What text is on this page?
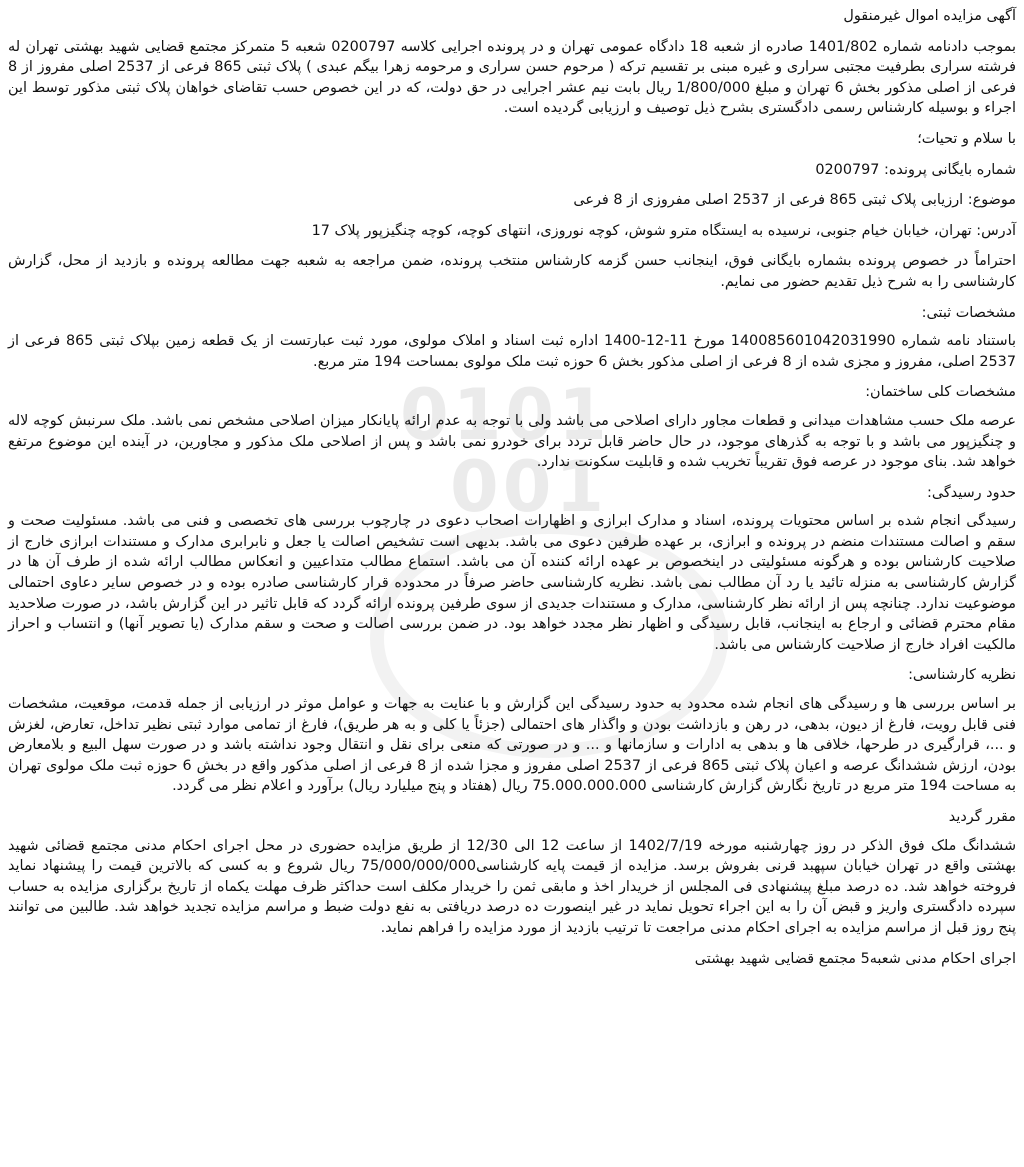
0101
001
آگهی مزایده اموال غیرمنقول

بموجب دادنامه شماره 1401/802 صادره از شعبه 18 دادگاه عمومی تهران و در پرونده اجرایی کلاسه 0200797 شعبه 5 متمرکز مجتمع قضایی شهید بهشتی تهران له فرشته سراری بطرفیت مجتبی سراری و غیره مبنی بر تقسیم ترکه ( مرحوم حسن سراری و مرحومه زهرا بیگم عبدی ) پلاک ثبتی 865 فرعی از 2537 اصلی مفروز از 8 فرعی از اصلی مذکور بخش 6 تهران و مبلغ 1/800/000 ریال بابت نیم عشر اجرایی در حق دولت، که در این خصوص حسب تقاضای خواهان پلاک ثبتی مذکور توسط این اجراء و بوسیله کارشناس رسمی دادگستری بشرح ذیل توصیف و ارزیابی گردیده است.

با سلام و تحیات؛

شماره بایگانی پرونده: 0200797

موضوع: ارزیابی پلاک ثبتی 865 فرعی از 2537 اصلی مفروزی از 8 فرعی

آدرس: تهران، خیابان خیام جنوبی، نرسیده به ایستگاه مترو شوش، کوچه نوروزی، انتهای کوچه، کوچه چنگیزپور پلاک 17

احتراماً در خصوص پرونده بشماره بایگانی فوق، اینجانب حسن گزمه کارشناس منتخب پرونده، ضمن مراجعه به شعبه جهت مطالعه پرونده و بازدید از محل، گزارش کارشناسی را به شرح ذیل تقدیم حضور می نمایم.

مشخصات ثبتی:

باستناد نامه شماره 140085601042031990 مورخ 11-12-1400 اداره ثبت اسناد و املاک مولوی، مورد ثبت عبارتست از یک قطعه زمین بپلاک ثبتی 865 فرعی از 2537 اصلی، مفروز و مجزی شده از 8 فرعی از اصلی مذکور بخش 6 حوزه ثبت ملک مولوی بمساحت 194 متر مربع.

مشخصات کلی ساختمان:

عرصه ملک حسب مشاهدات میدانی و قطعات مجاور دارای اصلاحی می باشد ولی با توجه به عدم ارائه پایانکار میزان اصلاحی مشخص نمی باشد. ملک سرنبش کوچه لاله و چنگیزپور می باشد و با توجه به گذرهای موجود، در حال حاضر قابل تردد برای خودرو نمی باشد و پس از اصلاحی ملک مذکور و مجاورین، در آینده این موضوع مرتفع خواهد شد. بنای موجود در عرصه فوق تقریباً تخریب شده و قابلیت سکونت ندارد.

حدود رسیدگی:

رسیدگی انجام شده بر اساس محتویات پرونده، اسناد و مدارک ابرازی و اظهارات اصحاب دعوی در چارچوب بررسی های تخصصی و فنی می باشد. مسئولیت صحت و سقم و اصالت مستندات منضم در پرونده و ابرازی، بر عهده طرفین دعوی می باشد. بدیهی است تشخیص اصالت یا جعل و نابرابری مدارک و مستندات ابرازی خارج از صلاحیت کارشناس بوده و هرگونه مسئولیتی در اینخصوص بر عهده ارائه کننده آن می باشد. استماع مطالب متداعیین و انعکاس مطالب ارائه شده از طرف آن ها در گزارش کارشناسی به منزله تائید یا رد آن مطالب نمی باشد. نظریه کارشناسی حاضر صرفاً در محدوده قرار کارشناسی صادره بوده و در خصوص سایر دعاوی احتمالی موضوعیت ندارد. چنانچه پس از ارائه نظر کارشناسی، مدارک و مستندات جدیدی از سوی طرفین پرونده ارائه گردد که قابل تاثیر در این گزارش باشد، در صورت صلاحدید مقام محترم قضائی و ارجاع به اینجانب، قابل رسیدگی و اظهار نظر مجدد خواهد بود. در ضمن بررسی اصالت و صحت و سقم مدارک (یا تصویر آنها) و انتساب و احراز مالکیت افراد خارج از صلاحیت کارشناس می باشد.

نظریه کارشناسی:

بر اساس بررسی ها و رسیدگی های انجام شده محدود به حدود رسیدگی این گزارش و با عنایت به جهات و عوامل موثر در ارزیابی از جمله قدمت، موقعیت، مشخصات فنی قابل رویت، فارغ از دیون، بدهی، در رهن و بازداشت بودن و واگذار های احتمالی (جزئاً یا کلی و به هر طریق)، فارغ از تمامی موارد ثبتی نظیر تداخل، تعارض، لغزش و ...، قرارگیری در طرحها، خلافی ها و بدهی به ادارات و سازمانها و ... و در صورتی که منعی برای نقل و انتقال وجود نداشته باشد و در صورت سهل البیع و بلامعارض بودن، ارزش ششدانگ عرصه و اعیان پلاک ثبتی 865 فرعی از 2537 اصلی مفروز و مجزا شده از 8 فرعی از اصلی مذکور واقع در بخش 6 حوزه ثبت ملک مولوی تهران به مساحت 194 متر مربع در تاریخ نگارش گزارش کارشناسی 75.000.000.000 ریال (هفتاد و پنج میلیارد ریال) برآورد و اعلام نظر می گردد.

مقرر گردید

ششدانگ ملک فوق الذکر در روز چهارشنبه مورخه 1402/7/19 از ساعت 12 الی 12/30 از طریق مزایده حضوری در محل اجرای احکام مدنی مجتمع قضائی شهید بهشتی واقع در تهران خیابان سپهبد قرنی بفروش برسد. مزایده از قیمت پایه کارشناسی75/000/000/000 ریال شروع و به کسی که بالاترین قیمت را پیشنهاد نماید فروخته خواهد شد. ده درصد مبلغ پیشنهادی فی المجلس از خریدار اخذ و مابقی ثمن را خریدار مکلف است حداکثر ظرف مهلت یکماه از تاریخ برگزاری مزایده به حساب سپرده دادگستری واریز و قبض آن را به این اجراء تحویل نماید در غیر اینصورت ده درصد دریافتی به نفع دولت ضبط و مراسم مزایده تجدید خواهد شد. طالبین می توانند پنج روز قبل از مراسم مزایده به اجرای احکام مدنی مراجعت تا ترتیب بازدید از مورد مزایده را فراهم نماید.

اجرای احکام مدنی شعبه5 مجتمع قضایی شهید بهشتی
